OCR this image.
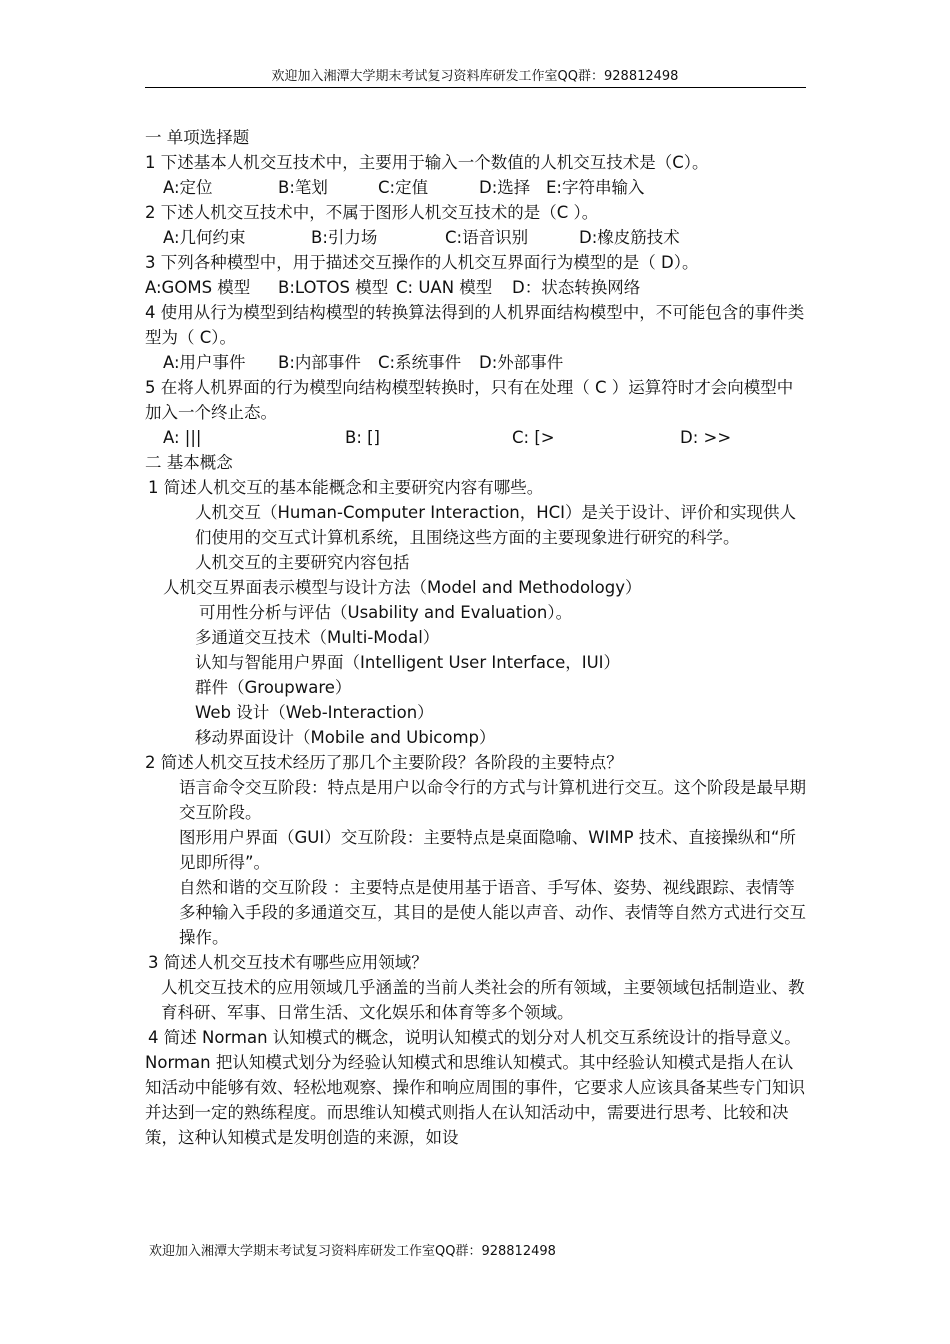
欢迎加入湘潭大学期末考试复习资料库研发工作室QQ群：928812498
一 单项选择题
1 下述基本人机交互技术中，主要用于输入一个数值的人机交互技术是（C）。
A:定位	B:笔划	C:定值	D:选择 E:字符串输入
2 下述人机交互技术中，不属于图形人机交互技术的是（C ）。
A:几何约束	B:引力场	C:语音识别	D:橡皮筋技术
3 下列各种模型中，用于描述交互操作的人机交互界面行为模型的是（ D）。
A:GOMS 模型 B:LOTOS 模型 C: UAN 模型 D：状态转换网络
4 使用从行为模型到结构模型的转换算法得到的人机界面结构模型中，不可能包含的事件类型为（ C）。
A:用户事件 B:内部事件 C:系统事件 D:外部事件
5 在将人机界面的行为模型向结构模型转换时，只有在处理（ C ）运算符时才会向模型中加入一个终止态。
A: |||	B: []	C: [>	D: >>
二 基本概念
1 简述人机交互的基本能概念和主要研究内容有哪些。
人机交互（Human-Computer Interaction，HCI）是关于设计、评价和实现供人们使用的交互式计算机系统，且围绕这些方面的主要现象进行研究的科学。
人机交互的主要研究内容包括
人机交互界面表示模型与设计方法（Model and Methodology）
可用性分析与评估（Usability and Evaluation）。
多通道交互技术（Multi-Modal）
认知与智能用户界面（Intelligent User Interface，IUI）
群件（Groupware）
Web 设计（Web-Interaction）
移动界面设计（Mobile and Ubicomp）
2 简述人机交互技术经历了那几个主要阶段？各阶段的主要特点？
语言命令交互阶段：特点是用户以命令行的方式与计算机进行交互。这个阶段是最早期交互阶段。
图形用户界面（GUI）交互阶段：主要特点是桌面隐喻、WIMP 技术、直接操纵和“所见即所得”。
自然和谐的交互阶段 ：主要特点是使用基于语音、手写体、姿势、视线跟踪、表情等多种输入手段的多通道交互，其目的是使人能以声音、动作、表情等自然方式进行交互操作。
3 简述人机交互技术有哪些应用领域？
人机交互技术的应用领域几乎涵盖的当前人类社会的所有领域，主要领域包括制造业、教育科研、军事、日常生活、文化娱乐和体育等多个领域。
4 简述 Norman 认知模式的概念，说明认知模式的划分对人机交互系统设计的指导意义。
Norman 把认知模式划分为经验认知模式和思维认知模式。其中经验认知模式是指人在认知活动中能够有效、轻松地观察、操作和响应周围的事件，它要求人应该具备某些专门知识并达到一定的熟练程度。而思维认知模式则指人在认知活动中，需要进行思考、比较和决策，这种认知模式是发明创造的来源，如设
欢迎加入湘潭大学期末考试复习资料库研发工作室QQ群：928812498
